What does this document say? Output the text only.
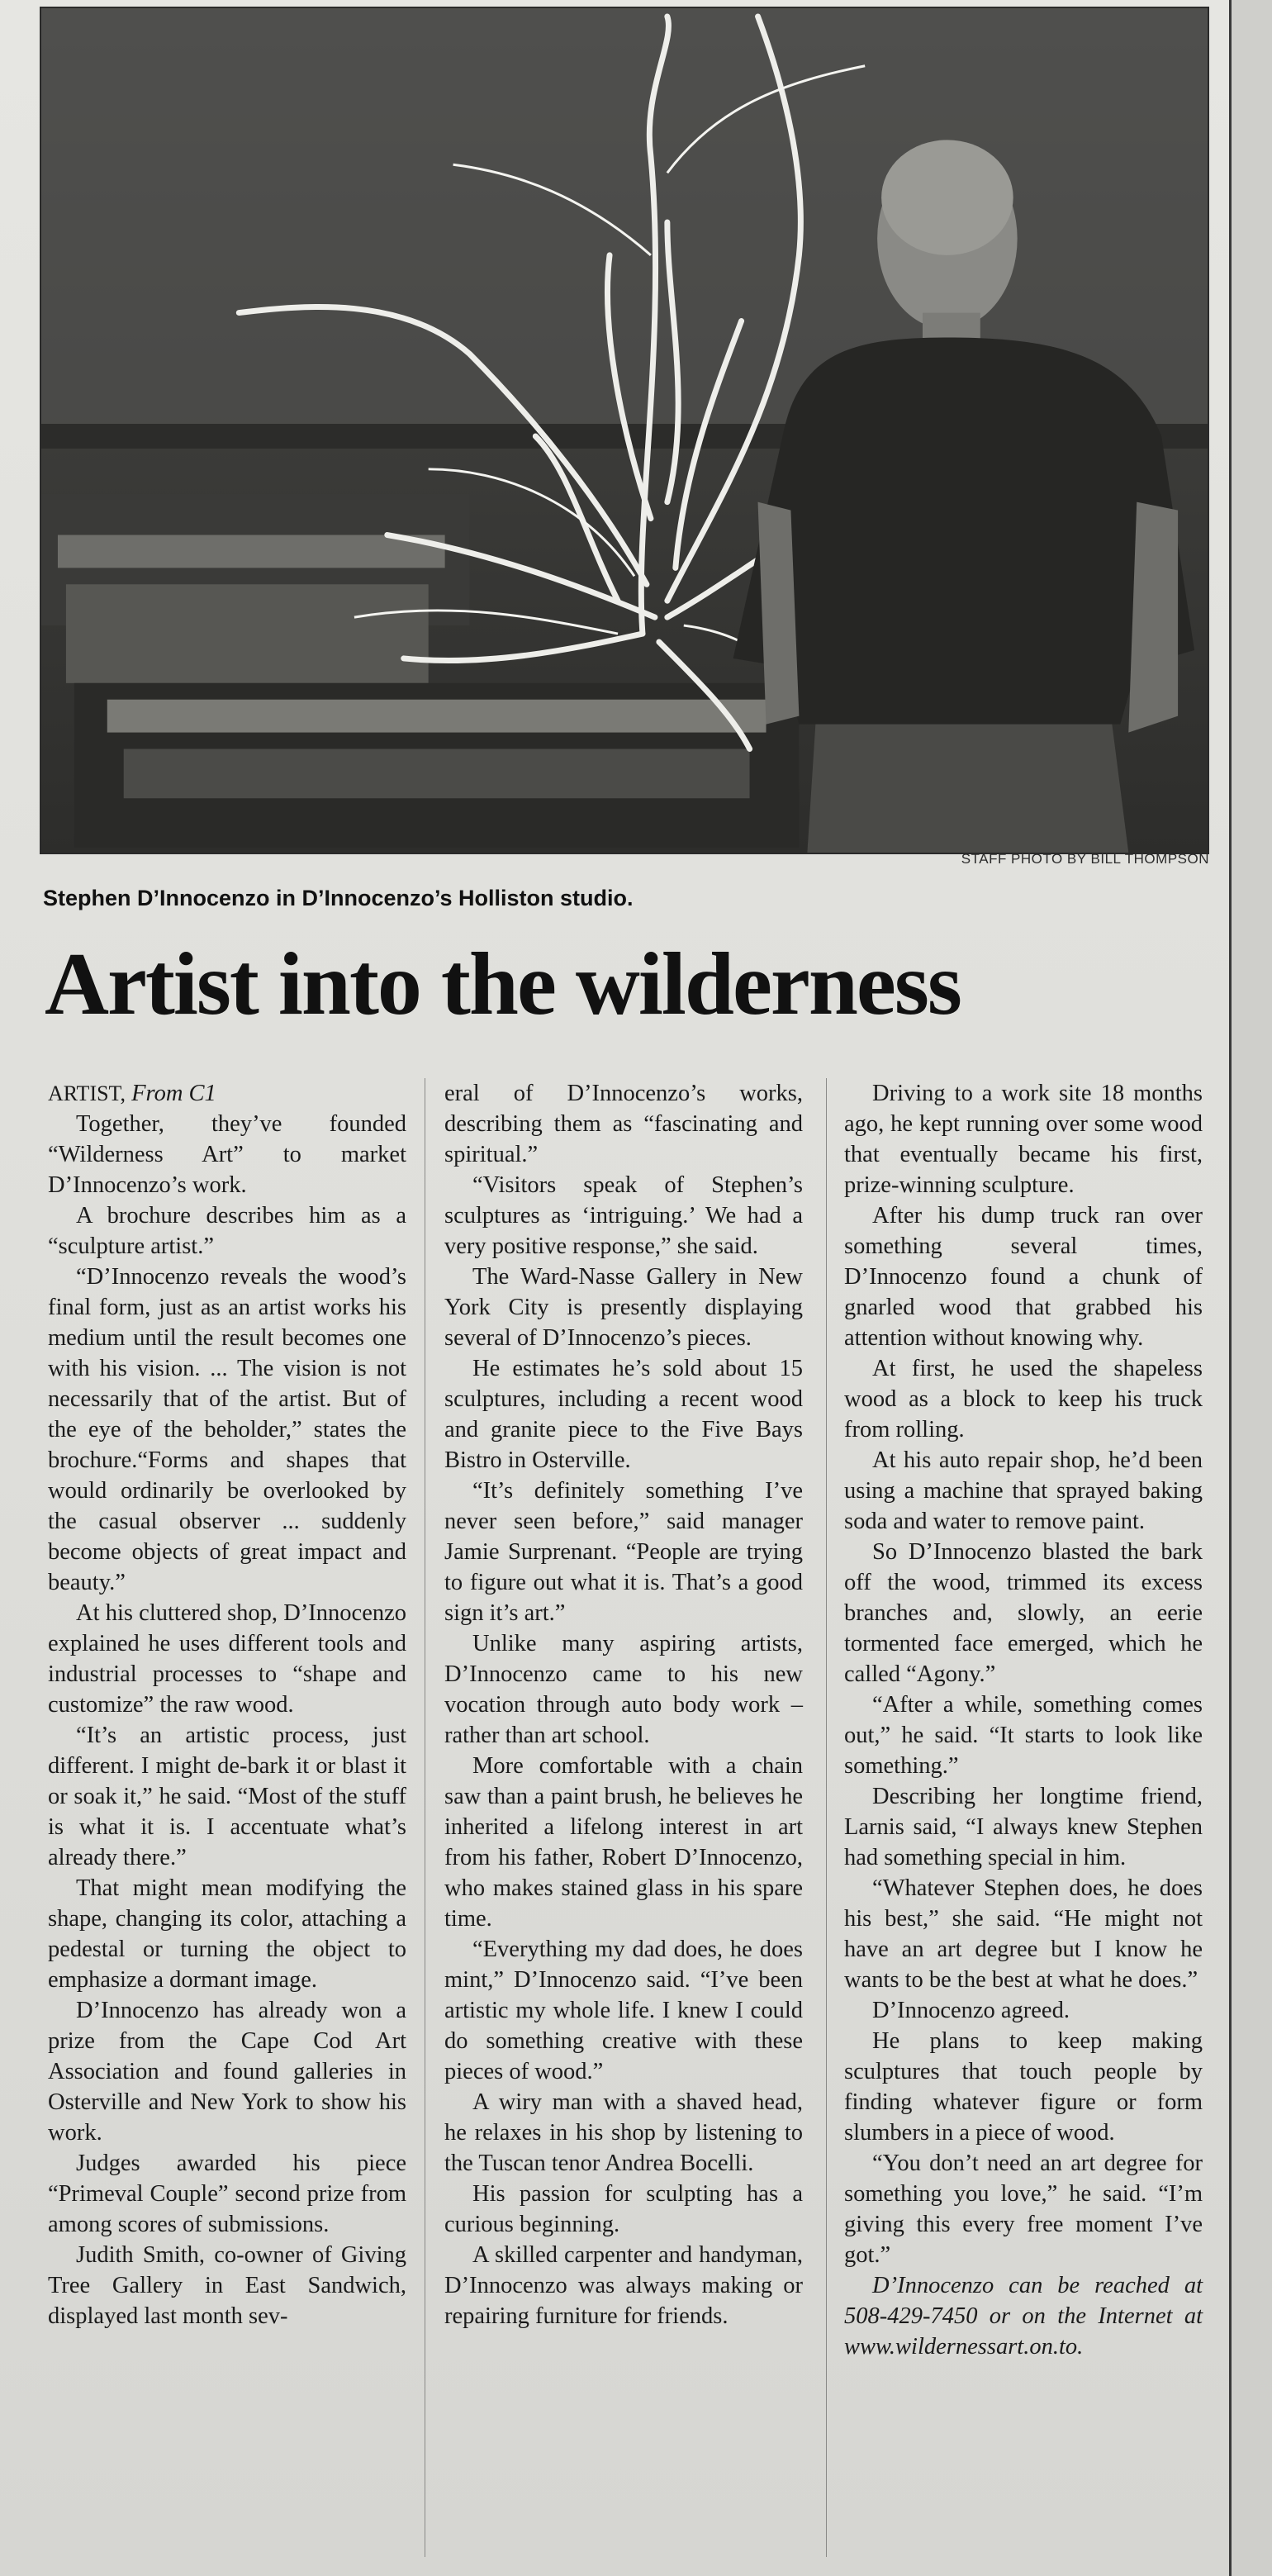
STAFF PHOTO BY BILL THOMPSON
Stephen D’Innocenzo in D’Innocenzo’s Holliston studio.
Artist into the wilderness
ARTIST, From C1

Together, they’ve founded “Wilderness Art” to market D’Innocenzo’s work.

A brochure describes him as a “sculpture artist.”

“D’Innocenzo reveals the wood’s final form, just as an artist works his medium until the result becomes one with his vision. ... The vision is not necessarily that of the artist. But of the eye of the beholder,” states the brochure.“Forms and shapes that would ordinarily be overlooked by the casual observer ... suddenly become objects of great impact and beauty.”

At his cluttered shop, D’Innocenzo explained he uses different tools and industrial processes to “shape and customize” the raw wood.

“It’s an artistic process, just different. I might de-bark it or blast it or soak it,” he said. “Most of the stuff is what it is. I accentuate what’s already there.”

That might mean modifying the shape, changing its color, attaching a pedestal or turning the object to emphasize a dormant image.

D’Innocenzo has already won a prize from the Cape Cod Art Association and found galleries in Osterville and New York to show his work.

Judges awarded his piece “Primeval Couple” second prize from among scores of submissions.

Judith Smith, co-owner of Giving Tree Gallery in East Sandwich, displayed last month sev-

eral of D’Innocenzo’s works, describing them as “fascinating and spiritual.”

“Visitors speak of Stephen’s sculptures as ‘intriguing.’ We had a very positive response,” she said.

The Ward-Nasse Gallery in New York City is presently displaying several of D’Innocenzo’s pieces.

He estimates he’s sold about 15 sculptures, including a recent wood and granite piece to the Five Bays Bistro in Osterville.

“It’s definitely something I’ve never seen before,” said manager Jamie Surprenant. “People are trying to figure out what it is. That’s a good sign it’s art.”

Unlike many aspiring artists, D’Innocenzo came to his new vocation through auto body work – rather than art school.

More comfortable with a chain saw than a paint brush, he believes he inherited a lifelong interest in art from his father, Robert D’Innocenzo, who makes stained glass in his spare time.

“Everything my dad does, he does mint,” D’Innocenzo said. “I’ve been artistic my whole life. I knew I could do something creative with these pieces of wood.”

A wiry man with a shaved head, he relaxes in his shop by listening to the Tuscan tenor Andrea Bocelli.

His passion for sculpting has a curious beginning.

A skilled carpenter and handyman, D’Innocenzo was always making or repairing furniture for friends.

Driving to a work site 18 months ago, he kept running over some wood that eventually became his first, prize-winning sculpture.

After his dump truck ran over something several times, D’Innocenzo found a chunk of gnarled wood that grabbed his attention without knowing why.

At first, he used the shapeless wood as a block to keep his truck from rolling.

At his auto repair shop, he’d been using a machine that sprayed baking soda and water to remove paint.

So D’Innocenzo blasted the bark off the wood, trimmed its excess branches and, slowly, an eerie tormented face emerged, which he called “Agony.”

“After a while, something comes out,” he said. “It starts to look like something.”

Describing her longtime friend, Larnis said, “I always knew Stephen had something special in him.

“Whatever Stephen does, he does his best,” she said. “He might not have an art degree but I know he wants to be the best at what he does.”

D’Innocenzo agreed.

He plans to keep making sculptures that touch people by finding whatever figure or form slumbers in a piece of wood.

“You don’t need an art degree for something you love,” he said. “I’m giving this every free moment I’ve got.”

D’Innocenzo can be reached at 508-429-7450 or on the Internet at www.wildernessart.on.to.
